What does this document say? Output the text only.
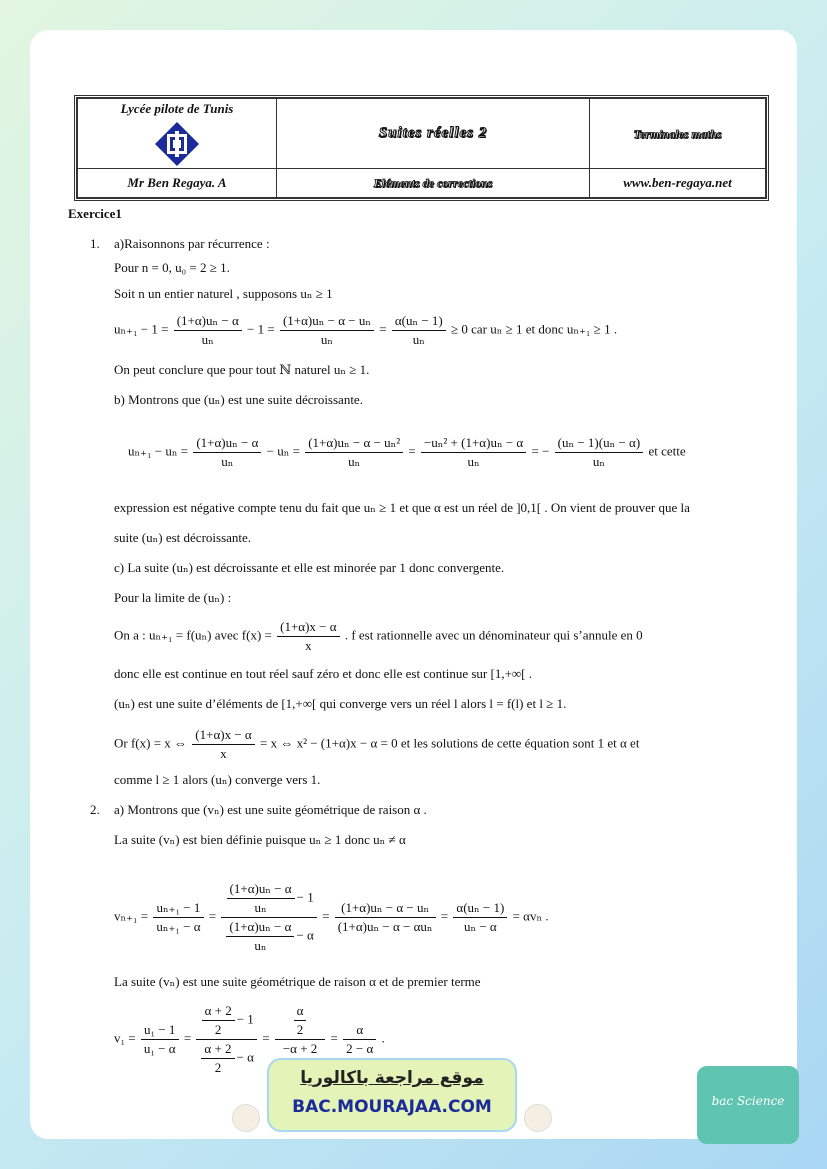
Lycée pilote de Tunis	Suites réelles 2	Terminales maths
Mr Ben Regaya. A	Eléments de corrections	www.ben-regaya.net
Exercice1
1. a)Raisonnons par récurrence :
Pour n = 0, u₀ = 2 ≥ 1.
Soit n un entier naturel , supposons uₙ ≥ 1
$u_{n+1} - 1 = \frac{\text{(1+α)uₙ − α}}{\text{uₙ}} - 1 = \frac{\text{(1+α)uₙ − α − uₙ}}{\text{uₙ}} = \frac{\text{α(uₙ − 1)}}{\text{uₙ}} \ge 0$ car uₙ ≥ 1 et donc uₙ₊₁ ≥ 1 .
On peut conclure que pour tout ℕ naturel uₙ ≥ 1.
b) Montrons que (uₙ) est une suite décroissante.
$u_{n+1} - u_n = \frac{\text{(1+α)uₙ − α}}{\text{uₙ}} - u_n = \frac{\text{(1+α)uₙ − α − uₙ²}}{\text{uₙ}} = \frac{\text{−uₙ² + (1+α)uₙ − α}}{\text{uₙ}}$ = − $\frac{\text{(uₙ − 1)(uₙ − α)}}{\text{uₙ}}$ et cette
expression est négative compte tenu du fait que uₙ ≥ 1 et que α est un réel de ]0,1[ . On vient de prouver que la
suite (uₙ) est décroissante.
c) La suite (uₙ) est décroissante et elle est minorée par 1 donc convergente.
Pour la limite de (uₙ) :
On a : uₙ₊₁ = f(uₙ) avec $f(x) = \frac{(1+\alpha)x - \alpha}{x}$ . f est rationnelle avec un dénominateur qui s’annule en 0
donc elle est continue en tout réel sauf zéro et donc elle est continue sur [1,+∞[ .
(uₙ) est une suite d’éléments de [1,+∞[ qui converge vers un réel l alors l = f(l) et l ≥ 1.
Or f(x) = x ⇔ $\frac{(1+\alpha)x - \alpha}{x} = x$ ⇔ x² − (1+α)x − α = 0 et les solutions de cette équation sont 1 et α et
comme l ≥ 1 alors (uₙ) converge vers 1.
2. a) Montrons que (vₙ) est une suite géométrique de raison α .
La suite (vₙ) est bien définie puisque uₙ ≥ 1 donc uₙ ≠ α
$v_{n+1} = \frac{\text{uₙ₊₁ − 1}}{\text{uₙ₊₁ − α}} = \frac{\frac{\text{(1+α)uₙ − α}}{\text{uₙ}} - 1}{\frac{\text{(1+α)uₙ − α}}{\text{uₙ}} - \alpha} = \frac{\text{(1+α)uₙ − α − uₙ}}{\text{(1+α)uₙ − α − αuₙ}} = \frac{\text{α(uₙ − 1)}}{\text{uₙ − α}} = \alpha v_n$ .
La suite (vₙ) est une suite géométrique de raison α et de premier terme
$v_1 = \frac{\text{u₁ − 1}}{\text{u₁ − α}} = \frac{\frac{\alpha + 2}{2} - 1}{\frac{\alpha + 2}{2} - \alpha} = \frac{\frac{\alpha}{2}}{-\alpha + 2} = \frac{\alpha}{2 - \alpha}$ .
موقع مراجعة باكالوريا
BAC.MOURAJAA.COM	bac Science
